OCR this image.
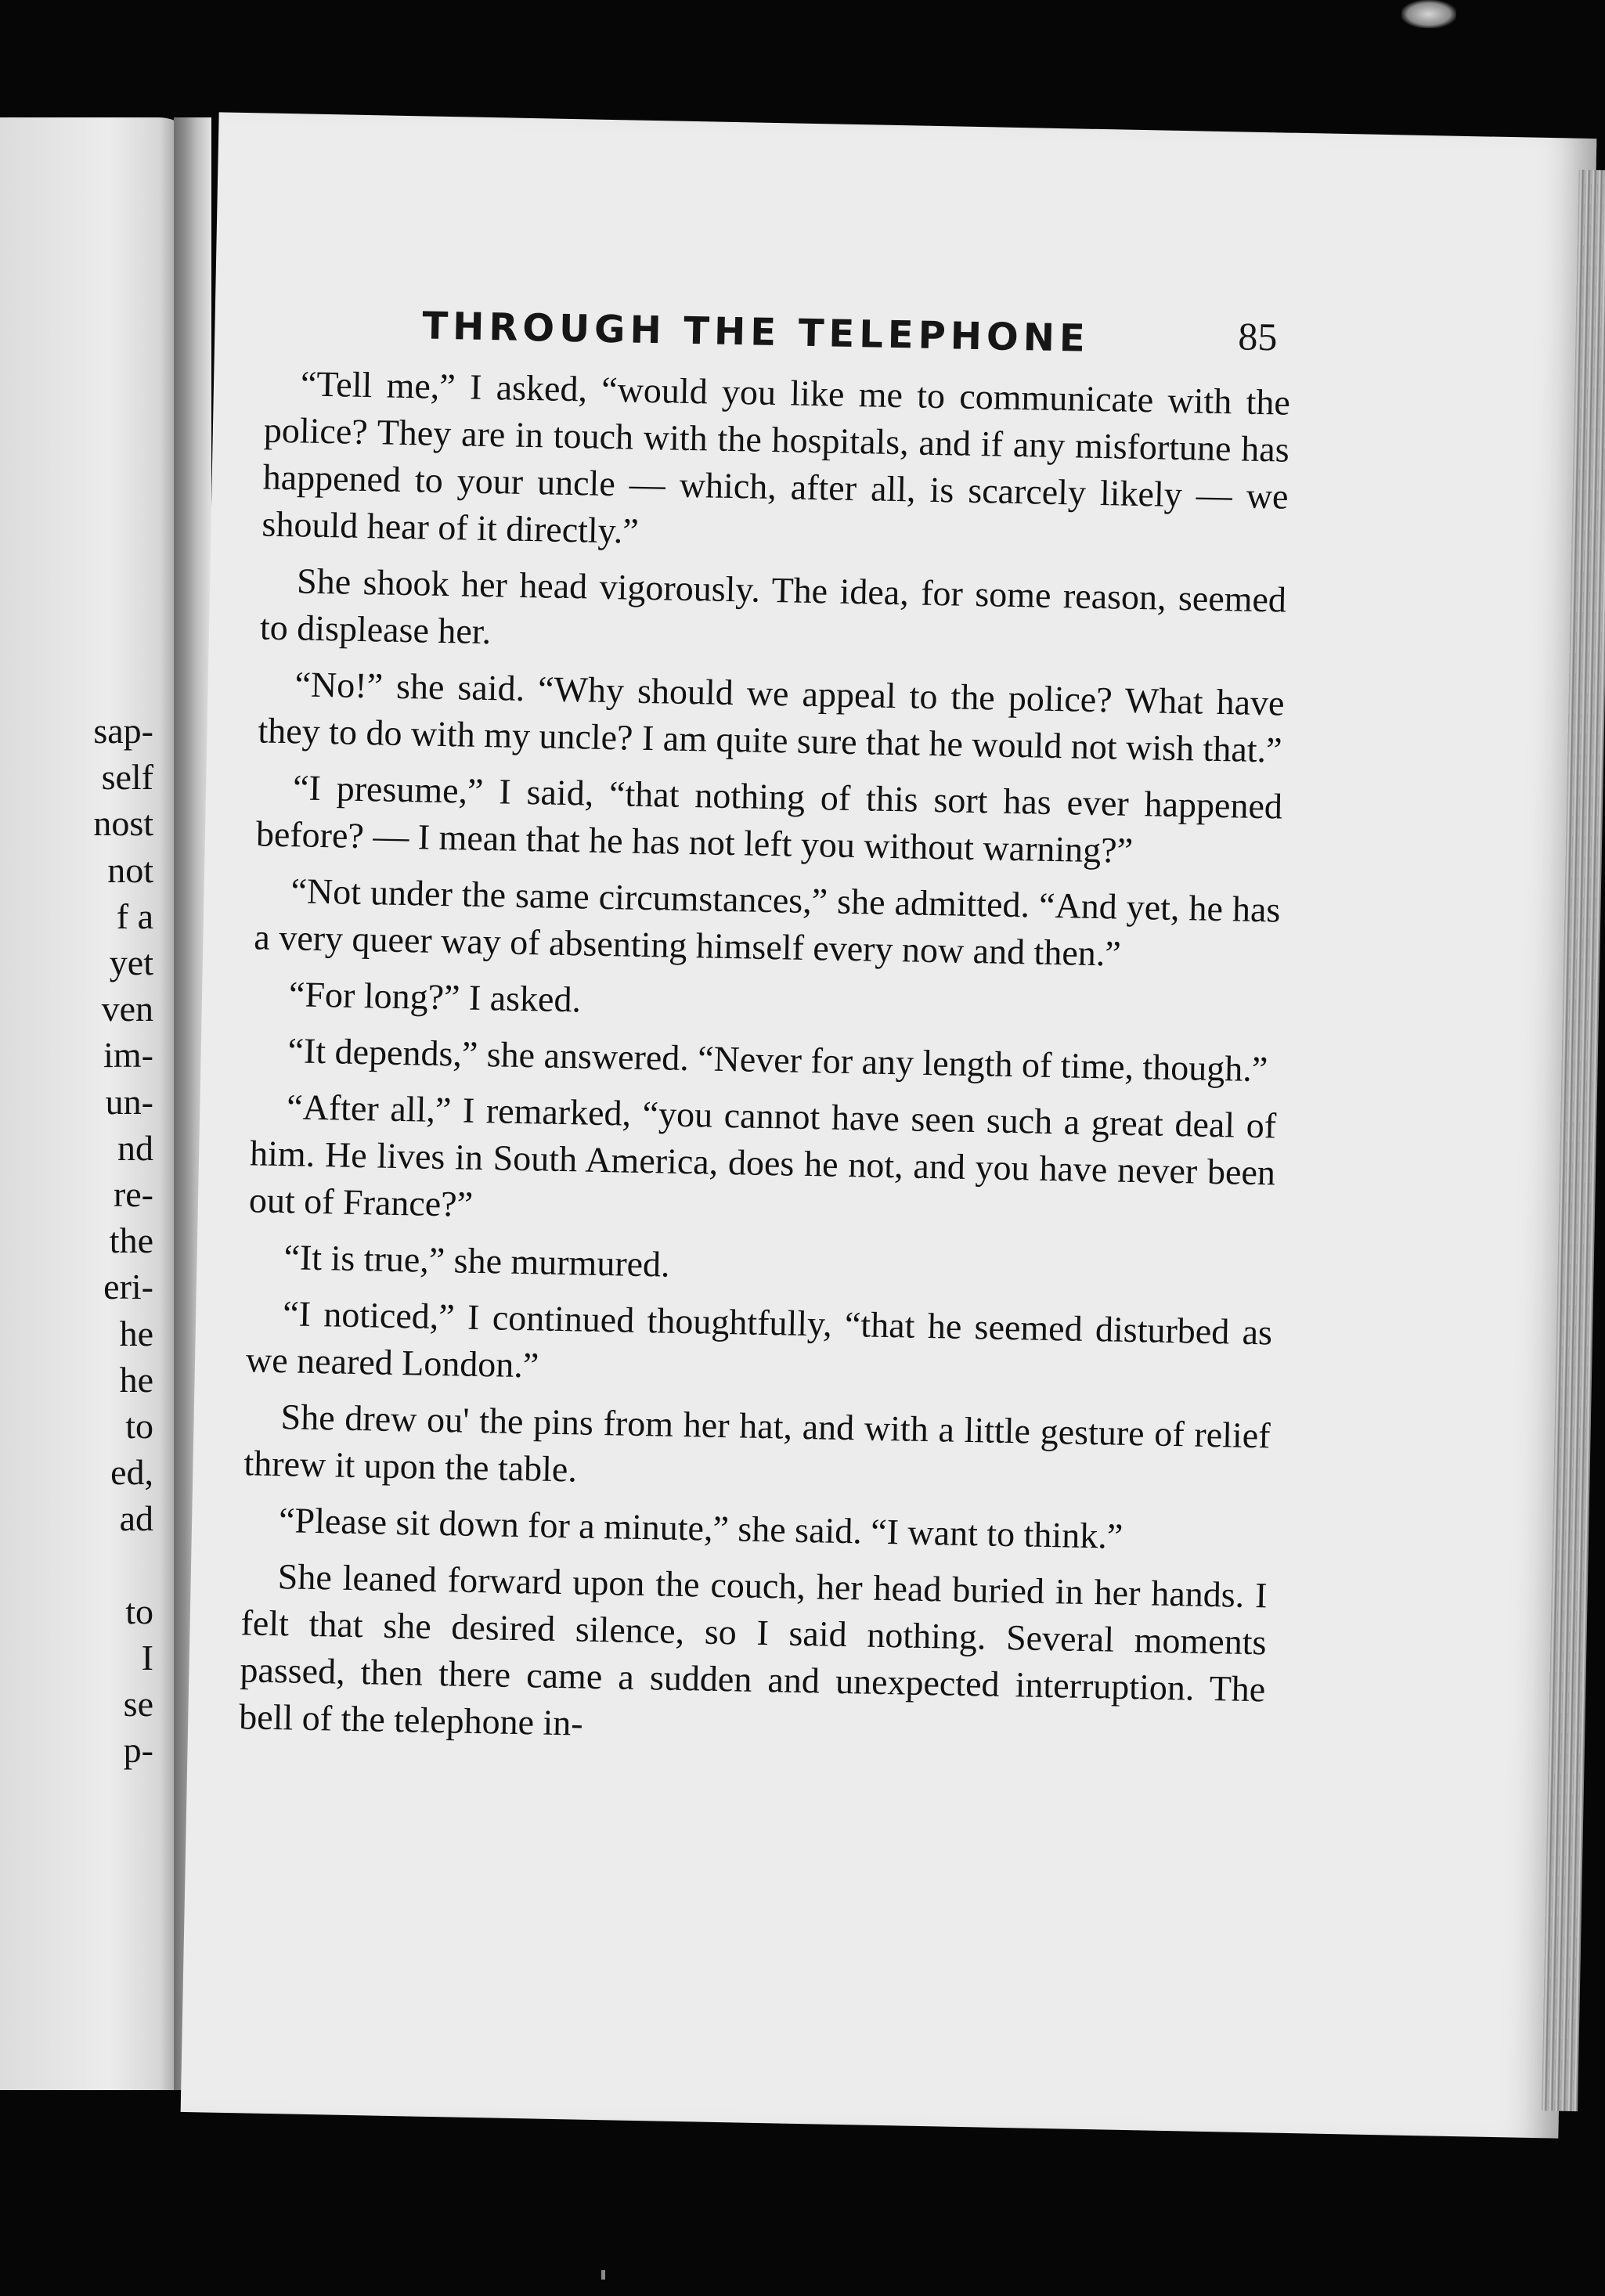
sap-
self
nost
not
f a
yet
ven
im-
un-
nd
re-
the
eri-
he
he
to
ed,
ad

to
I
se
p-
THROUGH THE TELEPHONE	85

“Tell me,” I asked, “would you like me to communicate with the police? They are in touch with the hospitals, and if any misfortune has happened to your uncle — which, after all, is scarcely likely — we should hear of it directly.”

She shook her head vigorously. The idea, for some reason, seemed to displease her.

“No!” she said. “Why should we appeal to the police? What have they to do with my uncle? I am quite sure that he would not wish that.”

“I presume,” I said, “that nothing of this sort has ever happened before? — I mean that he has not left you without warning?”

“Not under the same circumstances,” she admitted. “And yet, he has a very queer way of absenting himself every now and then.”

“For long?” I asked.

“It depends,” she answered. “Never for any length of time, though.”

“After all,” I remarked, “you cannot have seen such a great deal of him. He lives in South America, does he not, and you have never been out of France?”

“It is true,” she murmured.

“I noticed,” I continued thoughtfully, “that he seemed disturbed as we neared London.”

She drew ou' the pins from her hat, and with a little gesture of relief threw it upon the table.

“Please sit down for a minute,” she said. “I want to think.”

She leaned forward upon the couch, her head buried in her hands. I felt that she desired silence, so I said nothing. Several moments passed, then there came a sudden and unexpected interruption. The bell of the telephone in-
